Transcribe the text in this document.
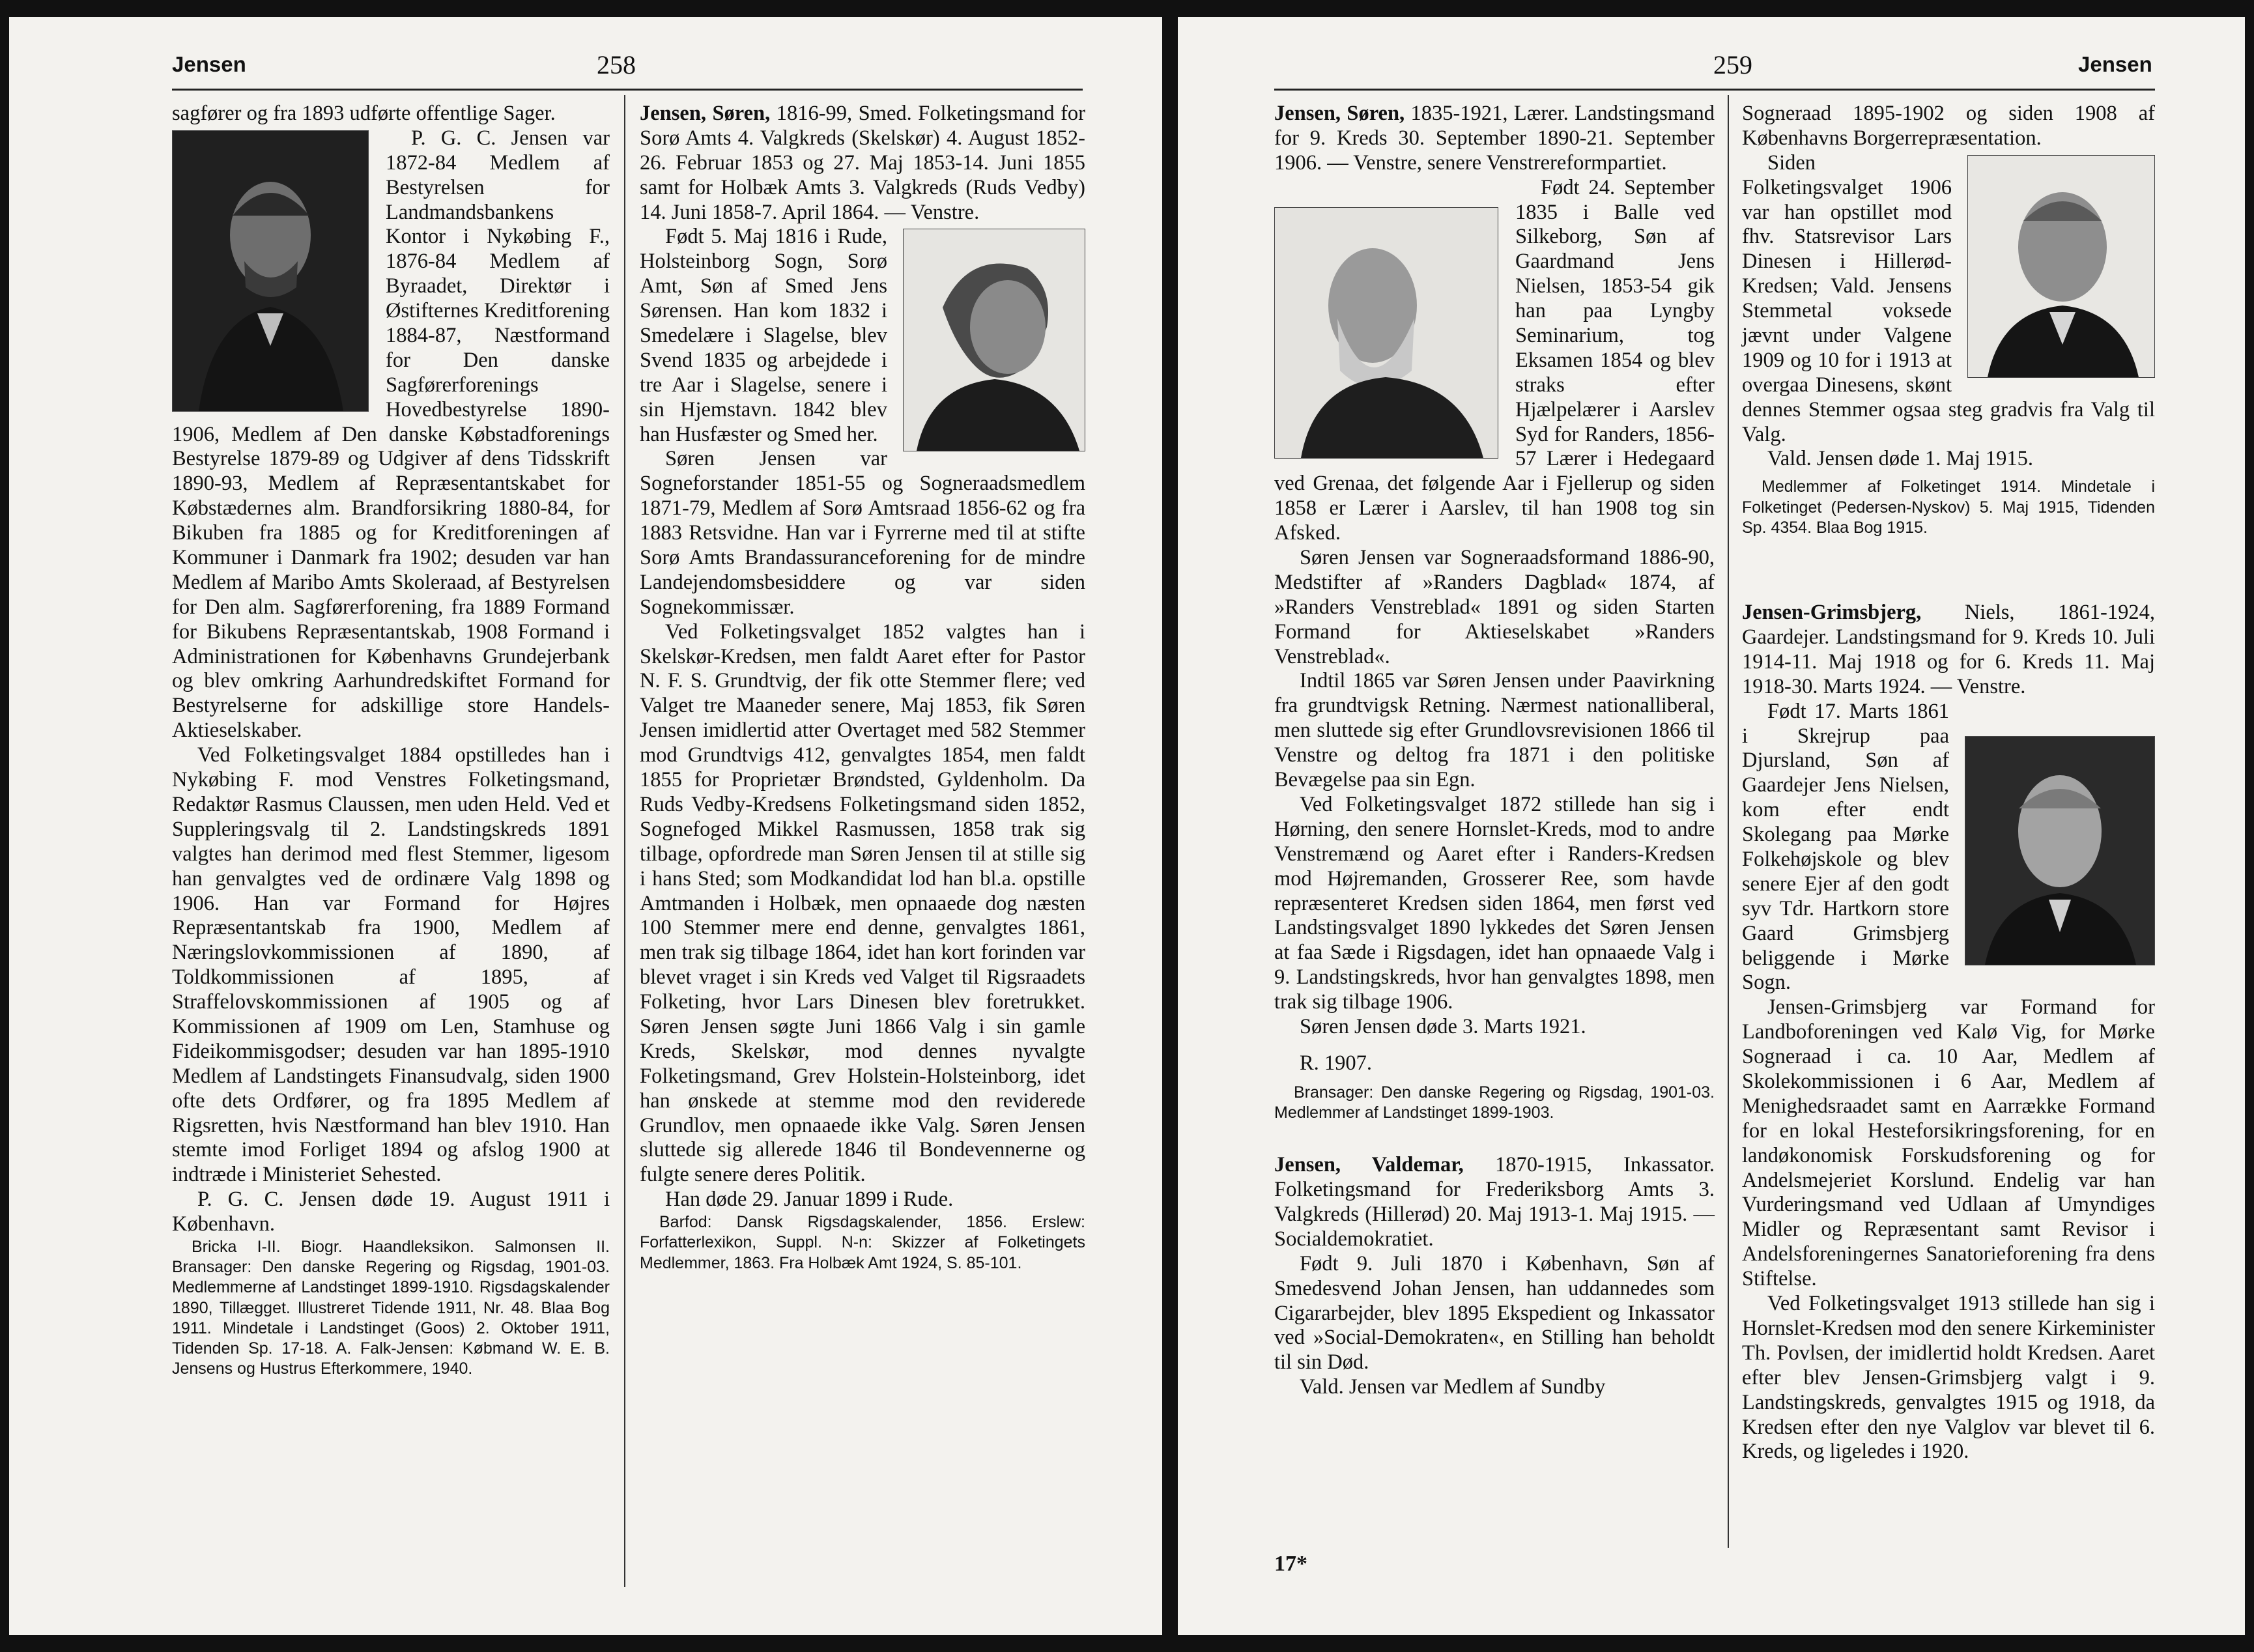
Jensen	258

sagfører og fra 1893 udførte offentlige Sager.

P. G. C. Jensen var 1872-84 Medlem af Bestyrelsen for Landmandsbankens Kontor i Nykøbing F., 1876-84 Medlem af Byraadet, Direktør i Østifternes Kreditforening 1884-87, Næstformand for Den danske Sagførerforenings Hovedbestyrelse 1890-1906, Medlem af Den danske Købstadforenings Bestyrelse 1879-89 og Udgiver af dens Tidsskrift 1890-93, Medlem af Repræsentantskabet for Købstædernes alm. Brandforsikring 1880-84, for Bikuben fra 1885 og for Kreditforeningen af Kommuner i Danmark fra 1902; desuden var han Medlem af Maribo Amts Skoleraad, af Bestyrelsen for Den alm. Sagførerforening, fra 1889 Formand for Bikubens Repræsentantskab, 1908 Formand i Administrationen for Københavns Grundejerbank og blev omkring Aarhundredskiftet Formand for Bestyrelserne for adskillige store Handels-Aktieselskaber.

Ved Folketingsvalget 1884 opstilledes han i Nykøbing F. mod Venstres Folketingsmand, Redaktør Rasmus Claussen, men uden Held. Ved et Suppleringsvalg til 2. Landstingskreds 1891 valgtes han derimod med flest Stemmer, ligesom han genvalgtes ved de ordinære Valg 1898 og 1906. Han var Formand for Højres Repræsentantskab fra 1900, Medlem af Næringslovkommissionen af 1890, af Toldkommissionen af 1895, af Straffelovskommissionen af 1905 og af Kommissionen af 1909 om Len, Stamhuse og Fideikommisgodser; desuden var han 1895-1910 Medlem af Landstingets Finansudvalg, siden 1900 ofte dets Ordfører, og fra 1895 Medlem af Rigsretten, hvis Næstformand han blev 1910. Han stemte imod Forliget 1894 og afslog 1900 at indtræde i Ministeriet Sehested.

P. G. C. Jensen døde 19. August 1911 i København.

Bricka I-II. Biogr. Haandleksikon. Salmonsen II. Bransager: Den danske Regering og Rigsdag, 1901-03. Medlemmerne af Landstinget 1899-1910. Rigsdagskalender 1890, Tillægget. Illustreret Tidende 1911, Nr. 48. Blaa Bog 1911. Mindetale i Landstinget (Goos) 2. Oktober 1911, Tidenden Sp. 17-18. A. Falk-Jensen: Købmand W. E. B. Jensens og Hustrus Efterkommere, 1940.

Jensen, Søren, 1816-99, Smed. Folketingsmand for Sorø Amts 4. Valgkreds (Skelskør) 4. August 1852-26. Februar 1853 og 27. Maj 1853-14. Juni 1855 samt for Holbæk Amts 3. Valgkreds (Ruds Vedby) 14. Juni 1858-7. April 1864. — Venstre.

Født 5. Maj 1816 i Rude, Holsteinborg Sogn, Sorø Amt, Søn af Smed Jens Sørensen. Han kom 1832 i Smedelære i Slagelse, blev Svend 1835 og arbejdede i tre Aar i Slagelse, senere i sin Hjemstavn. 1842 blev han Husfæster og Smed her.

Søren Jensen var Sogneforstander 1851-55 og Sogneraadsmedlem 1871-79, Medlem af Sorø Amtsraad 1856-62 og fra 1883 Retsvidne. Han var i Fyrrerne med til at stifte Sorø Amts Brandassuranceforening for de mindre Landejendomsbesiddere og var siden Sognekommissær.

Ved Folketingsvalget 1852 valgtes han i Skelskør-Kredsen, men faldt Aaret efter for Pastor N. F. S. Grundtvig, der fik otte Stemmer flere; ved Valget tre Maaneder senere, Maj 1853, fik Søren Jensen imidlertid atter Overtaget med 582 Stemmer mod Grundtvigs 412, genvalgtes 1854, men faldt 1855 for Proprietær Brøndsted, Gyldenholm. Da Ruds Vedby-Kredsens Folketingsmand siden 1852, Sognefoged Mikkel Rasmussen, 1858 trak sig tilbage, opfordrede man Søren Jensen til at stille sig i hans Sted; som Modkandidat lod han bl.a. opstille Amtmanden i Holbæk, men opnaaede dog næsten 100 Stemmer mere end denne, genvalgtes 1861, men trak sig tilbage 1864, idet han kort forinden var blevet vraget i sin Kreds ved Valget til Rigsraadets Folketing, hvor Lars Dinesen blev foretrukket. Søren Jensen søgte Juni 1866 Valg i sin gamle Kreds, Skelskør, mod dennes nyvalgte Folketingsmand, Grev Holstein-Holsteinborg, idet han ønskede at stemme mod den reviderede Grundlov, men opnaaede ikke Valg. Søren Jensen sluttede sig allerede 1846 til Bondevennerne og fulgte senere deres Politik.

Han døde 29. Januar 1899 i Rude.

Barfod: Dansk Rigsdagskalender, 1856. Erslew: Forfatterlexikon, Suppl. N-n: Skizzer af Folketingets Medlemmer, 1863. Fra Holbæk Amt 1924, S. 85-101.

259	Jensen

Jensen, Søren, 1835-1921, Lærer. Landstingsmand for 9. Kreds 30. September 1890-21. September 1906. — Venstre, senere Venstrereformpartiet.

Født 24. September 1835 i Balle ved Silkeborg, Søn af Gaardmand Jens Nielsen, 1853-54 gik han paa Lyngby Seminarium, tog Eksamen 1854 og blev straks efter Hjælpelærer i Aarslev Syd for Randers, 1856-57 Lærer i Hedegaard ved Grenaa, det følgende Aar i Fjellerup og siden 1858 er Lærer i Aarslev, til han 1908 tog sin Afsked.

Søren Jensen var Sogneraadsformand 1886-90, Medstifter af »Randers Dagblad« 1874, af »Randers Venstreblad« 1891 og siden Starten Formand for Aktieselskabet »Randers Venstreblad«.

Indtil 1865 var Søren Jensen under Paavirkning fra grundtvigsk Retning. Nærmest nationalliberal, men sluttede sig efter Grundlovsrevisionen 1866 til Venstre og deltog fra 1871 i den politiske Bevægelse paa sin Egn.

Ved Folketingsvalget 1872 stillede han sig i Hørning, den senere Hornslet-Kreds, mod to andre Venstremænd og Aaret efter i Randers-Kredsen mod Højremanden, Grosserer Ree, som havde repræsenteret Kredsen siden 1864, men først ved Landstingsvalget 1890 lykkedes det Søren Jensen at faa Sæde i Rigsdagen, idet han opnaaede Valg i 9. Landstingskreds, hvor han genvalgtes 1898, men trak sig tilbage 1906.

Søren Jensen døde 3. Marts 1921.

R. 1907.

Bransager: Den danske Regering og Rigsdag, 1901-03. Medlemmer af Landstinget 1899-1903.

Jensen, Valdemar, 1870-1915, Inkassator. Folketingsmand for Frederiksborg Amts 3. Valgkreds (Hillerød) 20. Maj 1913-1. Maj 1915. — Socialdemokratiet.

Født 9. Juli 1870 i København, Søn af Smedesvend Johan Jensen, han uddannedes som Cigararbejder, blev 1895 Ekspedient og Inkassator ved »Social-Demokraten«, en Stilling han beholdt til sin Død.

Vald. Jensen var Medlem af Sundby

17*

Sogneraad 1895-1902 og siden 1908 af Københavns Borgerrepræsentation.

Siden Folketingsvalget 1906 var han opstillet mod fhv. Statsrevisor Lars Dinesen i Hillerød-Kredsen; Vald. Jensens Stemmetal voksede jævnt under Valgene 1909 og 10 for i 1913 at overgaa Dinesens, skønt dennes Stemmer ogsaa steg gradvis fra Valg til Valg.

Vald. Jensen døde 1. Maj 1915.

Medlemmer af Folketinget 1914. Mindetale i Folketinget (Pedersen-Nyskov) 5. Maj 1915, Tidenden Sp. 4354. Blaa Bog 1915.

Jensen-Grimsbjerg, Niels, 1861-1924, Gaardejer. Landstingsmand for 9. Kreds 10. Juli 1914-11. Maj 1918 og for 6. Kreds 11. Maj 1918-30. Marts 1924. — Venstre.

Født 17. Marts 1861 i Skrejrup paa Djursland, Søn af Gaardejer Jens Nielsen, kom efter endt Skolegang paa Mørke Folkehøjskole og blev senere Ejer af den godt syv Tdr. Hartkorn store Gaard Grimsbjerg beliggende i Mørke Sogn.

Jensen-Grimsbjerg var Formand for Landboforeningen ved Kalø Vig, for Mørke Sogneraad i ca. 10 Aar, Medlem af Skolekommissionen i 6 Aar, Medlem af Menighedsraadet samt en Aarrække Formand for en lokal Hesteforsikringsforening, for en landøkonomisk Forskudsforening og for Andelsmejeriet Korslund. Endelig var han Vurderingsmand ved Udlaan af Umyndiges Midler og Repræsentant samt Revisor i Andelsforeningernes Sanatorieforening fra dens Stiftelse.

Ved Folketingsvalget 1913 stillede han sig i Hornslet-Kredsen mod den senere Kirkeminister Th. Povlsen, der imidlertid holdt Kredsen. Aaret efter blev Jensen-Grimsbjerg valgt i 9. Landstingskreds, genvalgtes 1915 og 1918, da Kredsen efter den nye Valglov var blevet til 6. Kreds, og ligeledes i 1920.
